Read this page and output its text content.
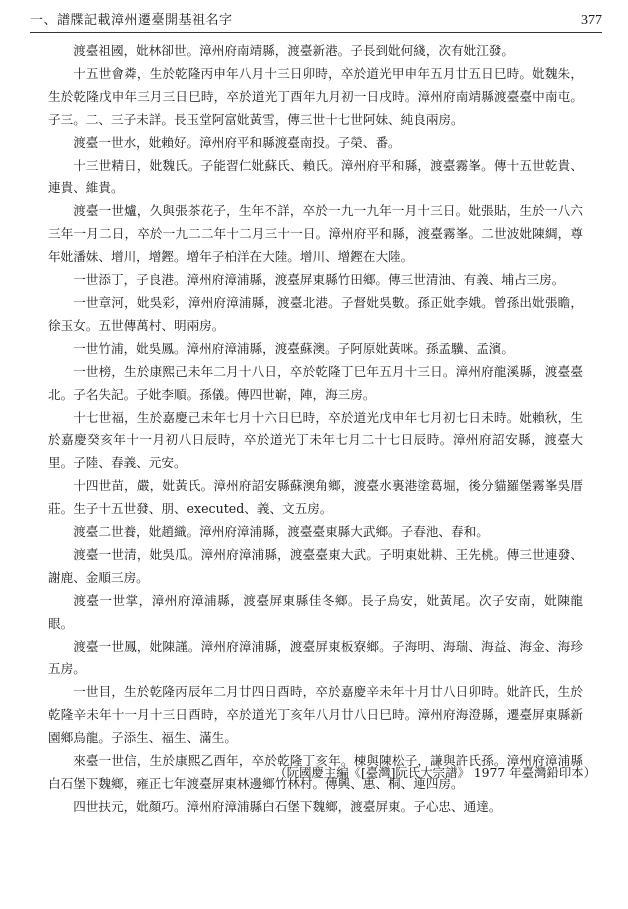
一、譜牒記載漳州遷臺開基祖名字	377

渡臺祖國，妣林卻世。漳州府南靖縣，渡臺新港。子長到妣何綫，次有妣江發。

十五世會粦，生於乾隆丙申年八月十三日卯時，卒於道光甲申年五月廿五日巳時。妣魏朱，生於乾隆戊申年三月三日巳時，卒於道光丁酉年九月初一日戌時。漳州府南靖縣渡臺臺中南屯。子三。二、三子未詳。長玉堂阿富妣黃雪，傳三世十七世阿妹、純良兩房。

渡臺一世水，妣賴好。漳州府平和縣渡臺南投。子榮、番。

十三世精日，妣魏氏。子能習仁妣蘇氏、賴氏。漳州府平和縣，渡臺霧峯。傳十五世乾貴、連貴、維貴。

渡臺一世爐，久與張茶花子，生年不詳，卒於一九一九年一月十三日。妣張貼，生於一八六三年一月二日，卒於一九二二年十二月三十一日。漳州府平和縣，渡臺霧峯。二世波妣陳綢，尊年妣潘妹、增川，增鏗。增年子柏洋在大陸。增川、增鏗在大陸。

一世添丁，子良港。漳州府漳浦縣，渡臺屏東縣竹田鄉。傳三世清油、有義、埔占三房。

一世章河，妣吳彩，漳州府漳浦縣，渡臺北港。子督妣吳數。孫正妣李娥。曾孫出妣張瞻，徐玉女。五世傳萬村、明兩房。

一世竹浦，妣吳鳳。漳州府漳浦縣，渡臺蘇澳。子阿原妣黃咪。孫孟驥、孟濱。

一世榜，生於康熙己未年二月十八日，卒於乾隆丁巳年五月十三日。漳州府龍溪縣，渡臺臺北。子名失記。子妣李順。孫儀。傳四世嶄，陣，海三房。

十七世福，生於嘉慶己未年七月十六日巳時，卒於道光戊申年七月初七日未時。妣賴秋，生於嘉慶癸亥年十一月初八日辰時，卒於道光丁未年七月二十七日辰時。漳州府詔安縣，渡臺大里。子陸、春義、元安。

十四世苗，嚴，妣黃氏。漳州府詔安縣蘇澳角鄉，渡臺水裏港塗葛堀，後分貓羅堡霧峯吳厝莊。生子十五世發、朋、executed、義、文五房。

渡臺二世養，妣趙織。漳州府漳浦縣，渡臺臺東縣大武鄉。子春池、春和。

渡臺一世清，妣吳瓜。漳州府漳浦縣，渡臺臺東大武。子明東妣耕、王先桃。傳三世連發、謝鹿、金順三房。

渡臺一世掌，漳州府漳浦縣，渡臺屏東縣佳冬鄉。長子烏安，妣黃尾。次子安南，妣陳龍眼。

渡臺一世鳳，妣陳謹。漳州府漳浦縣，渡臺屏東板寮鄉。子海明、海瑞、海益、海金、海珍五房。

一世目，生於乾隆丙辰年二月廿四日酉時，卒於嘉慶辛未年十月廿八日卯時。妣許氏，生於乾隆辛未年十一月十三日酉時，卒於道光丁亥年八月廿八日巳時。漳州府海澄縣，遷臺屏東縣新園鄉烏龍。子添生、福生、滿生。

來臺一世信，生於康熙乙酉年，卒於乾隆丁亥年。棟與陳松子，謙與許氏孫。漳州府漳浦縣白石堡下魏鄉，雍正七年渡臺屏東林邊鄉竹林村。傳興、惠、桐、連四房。

四世扶元，妣顏巧。漳州府漳浦縣白石堡下魏鄉，渡臺屏東。子心忠、通達。

（阮國慶主編《[臺灣]阮氏大宗譜》 1977 年臺灣鉛印本）
